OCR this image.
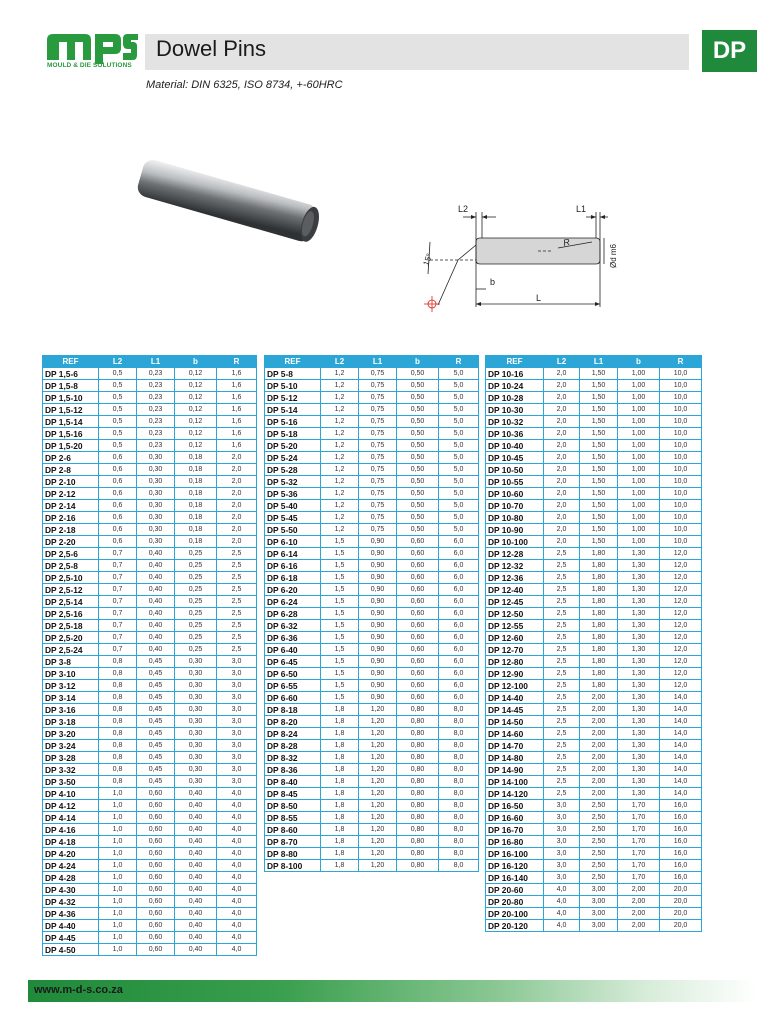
MOULD & DIE SOLUTIONS
Dowel Pins	DP
Material: DIN 6325, ISO 8734, +-60HRC
L2	L1
15°
R
b
L
Ød m6
REF	L2	L1	b	R
DP 1,5-6	0,5	0,23	0,12	1,6
DP 1,5-8	0,5	0,23	0,12	1,6
DP 1,5-10	0,5	0,23	0,12	1,6
DP 1,5-12	0,5	0,23	0,12	1,6
DP 1,5-14	0,5	0,23	0,12	1,6
DP 1,5-16	0,5	0,23	0,12	1,6
DP 1,5-20	0,5	0,23	0,12	1,6
DP 2-6	0,6	0,30	0,18	2,0
DP 2-8	0,6	0,30	0,18	2,0
DP 2-10	0,6	0,30	0,18	2,0
DP 2-12	0,6	0,30	0,18	2,0
DP 2-14	0,6	0,30	0,18	2,0
DP 2-16	0,6	0,30	0,18	2,0
DP 2-18	0,6	0,30	0,18	2,0
DP 2-20	0,6	0,30	0,18	2,0
DP 2,5-6	0,7	0,40	0,25	2,5
DP 2,5-8	0,7	0,40	0,25	2,5
DP 2,5-10	0,7	0,40	0,25	2,5
DP 2,5-12	0,7	0,40	0,25	2,5
DP 2,5-14	0,7	0,40	0,25	2,5
DP 2,5-16	0,7	0,40	0,25	2,5
DP 2,5-18	0,7	0,40	0,25	2,5
DP 2,5-20	0,7	0,40	0,25	2,5
DP 2,5-24	0,7	0,40	0,25	2,5
DP 3-8	0,8	0,45	0,30	3,0
DP 3-10	0,8	0,45	0,30	3,0
DP 3-12	0,8	0,45	0,30	3,0
DP 3-14	0,8	0,45	0,30	3,0
DP 3-16	0,8	0,45	0,30	3,0
DP 3-18	0,8	0,45	0,30	3,0
DP 3-20	0,8	0,45	0,30	3,0
DP 3-24	0,8	0,45	0,30	3,0
DP 3-28	0,8	0,45	0,30	3,0
DP 3-32	0,8	0,45	0,30	3,0
DP 3-50	0,8	0,45	0,30	3,0
DP 4-10	1,0	0,60	0,40	4,0
DP 4-12	1,0	0,60	0,40	4,0
DP 4-14	1,0	0,60	0,40	4,0
DP 4-16	1,0	0,60	0,40	4,0
DP 4-18	1,0	0,60	0,40	4,0
DP 4-20	1,0	0,60	0,40	4,0
DP 4-24	1,0	0,60	0,40	4,0
DP 4-28	1,0	0,60	0,40	4,0
DP 4-30	1,0	0,60	0,40	4,0
DP 4-32	1,0	0,60	0,40	4,0
DP 4-36	1,0	0,60	0,40	4,0
DP 4-40	1,0	0,60	0,40	4,0
DP 4-45	1,0	0,60	0,40	4,0
DP 4-50	1,0	0,60	0,40	4,0
REF	L2	L1	b	R
DP 5-8	1,2	0,75	0,50	5,0
DP 5-10	1,2	0,75	0,50	5,0
DP 5-12	1,2	0,75	0,50	5,0
DP 5-14	1,2	0,75	0,50	5,0
DP 5-16	1,2	0,75	0,50	5,0
DP 5-18	1,2	0,75	0,50	5,0
DP 5-20	1,2	0,75	0,50	5,0
DP 5-24	1,2	0,75	0,50	5,0
DP 5-28	1,2	0,75	0,50	5,0
DP 5-32	1,2	0,75	0,50	5,0
DP 5-36	1,2	0,75	0,50	5,0
DP 5-40	1,2	0,75	0,50	5,0
DP 5-45	1,2	0,75	0,50	5,0
DP 5-50	1,2	0,75	0,50	5,0
DP 6-10	1,5	0,90	0,60	6,0
DP 6-14	1,5	0,90	0,60	6,0
DP 6-16	1,5	0,90	0,60	6,0
DP 6-18	1,5	0,90	0,60	6,0
DP 6-20	1,5	0,90	0,60	6,0
DP 6-24	1,5	0,90	0,60	6,0
DP 6-28	1,5	0,90	0,60	6,0
DP 6-32	1,5	0,90	0,60	6,0
DP 6-36	1,5	0,90	0,60	6,0
DP 6-40	1,5	0,90	0,60	6,0
DP 6-45	1,5	0,90	0,60	6,0
DP 6-50	1,5	0,90	0,60	6,0
DP 6-55	1,5	0,90	0,60	6,0
DP 6-60	1,5	0,90	0,60	6,0
DP 8-18	1,8	1,20	0,80	8,0
DP 8-20	1,8	1,20	0,80	8,0
DP 8-24	1,8	1,20	0,80	8,0
DP 8-28	1,8	1,20	0,80	8,0
DP 8-32	1,8	1,20	0,80	8,0
DP 8-36	1,8	1,20	0,80	8,0
DP 8-40	1,8	1,20	0,80	8,0
DP 8-45	1,8	1,20	0,80	8,0
DP 8-50	1,8	1,20	0,80	8,0
DP 8-55	1,8	1,20	0,80	8,0
DP 8-60	1,8	1,20	0,80	8,0
DP 8-70	1,8	1,20	0,80	8,0
DP 8-80	1,8	1,20	0,80	8,0
DP 8-100	1,8	1,20	0,80	8,0
REF	L2	L1	b	R
DP 10-16	2,0	1,50	1,00	10,0
DP 10-24	2,0	1,50	1,00	10,0
DP 10-28	2,0	1,50	1,00	10,0
DP 10-30	2,0	1,50	1,00	10,0
DP 10-32	2,0	1,50	1,00	10,0
DP 10-36	2,0	1,50	1,00	10,0
DP 10-40	2,0	1,50	1,00	10,0
DP 10-45	2,0	1,50	1,00	10,0
DP 10-50	2,0	1,50	1,00	10,0
DP 10-55	2,0	1,50	1,00	10,0
DP 10-60	2,0	1,50	1,00	10,0
DP 10-70	2,0	1,50	1,00	10,0
DP 10-80	2,0	1,50	1,00	10,0
DP 10-90	2,0	1,50	1,00	10,0
DP 10-100	2,0	1,50	1,00	10,0
DP 12-28	2,5	1,80	1,30	12,0
DP 12-32	2,5	1,80	1,30	12,0
DP 12-36	2,5	1,80	1,30	12,0
DP 12-40	2,5	1,80	1,30	12,0
DP 12-45	2,5	1,80	1,30	12,0
DP 12-50	2,5	1,80	1,30	12,0
DP 12-55	2,5	1,80	1,30	12,0
DP 12-60	2,5	1,80	1,30	12,0
DP 12-70	2,5	1,80	1,30	12,0
DP 12-80	2,5	1,80	1,30	12,0
DP 12-90	2,5	1,80	1,30	12,0
DP 12-100	2,5	1,80	1,30	12,0
DP 14-40	2,5	2,00	1,30	14,0
DP 14-45	2,5	2,00	1,30	14,0
DP 14-50	2,5	2,00	1,30	14,0
DP 14-60	2,5	2,00	1,30	14,0
DP 14-70	2,5	2,00	1,30	14,0
DP 14-80	2,5	2,00	1,30	14,0
DP 14-90	2,5	2,00	1,30	14,0
DP 14-100	2,5	2,00	1,30	14,0
DP 14-120	2,5	2,00	1,30	14,0
DP 16-50	3,0	2,50	1,70	16,0
DP 16-60	3,0	2,50	1,70	16,0
DP 16-70	3,0	2,50	1,70	16,0
DP 16-80	3,0	2,50	1,70	16,0
DP 16-100	3,0	2,50	1,70	16,0
DP 16-120	3,0	2,50	1,70	16,0
DP 16-140	3,0	2,50	1,70	16,0
DP 20-60	4,0	3,00	2,00	20,0
DP 20-80	4,0	3,00	2,00	20,0
DP 20-100	4,0	3,00	2,00	20,0
DP 20-120	4,0	3,00	2,00	20,0
www.m-d-s.co.za
